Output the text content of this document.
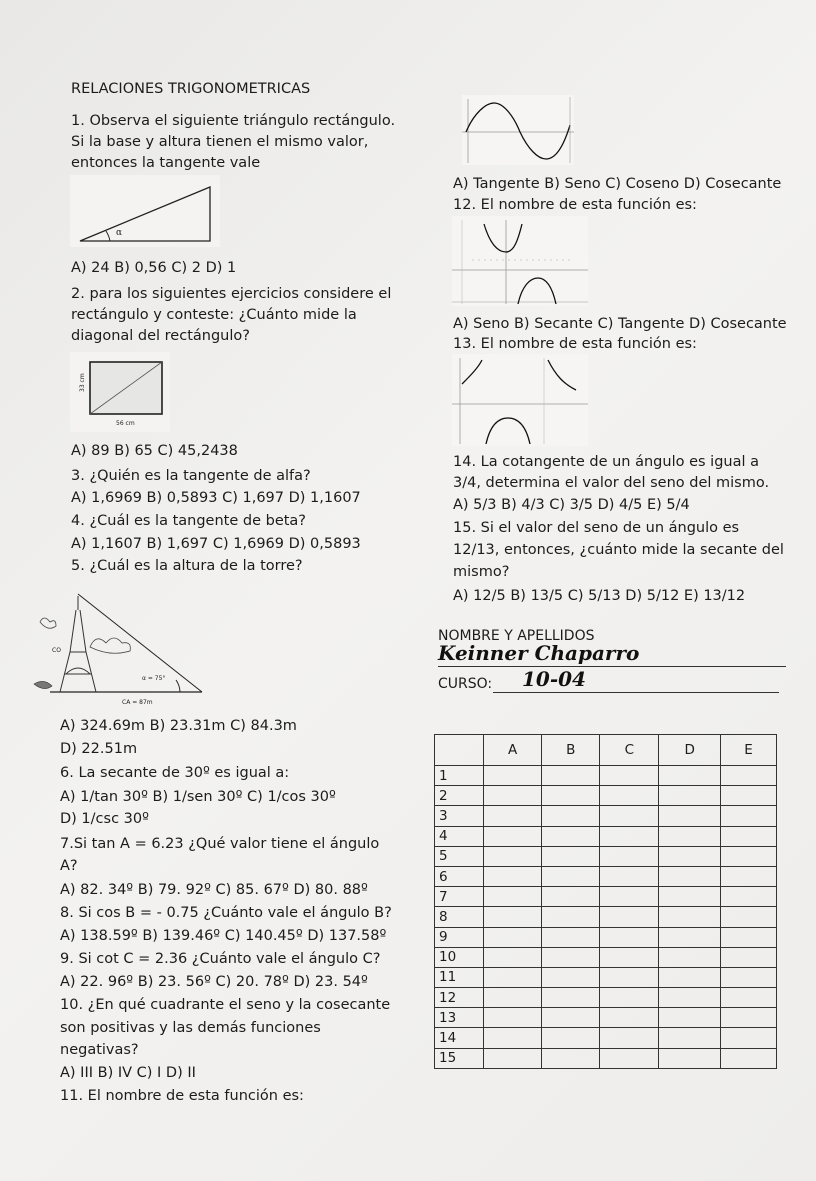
RELACIONES TRIGONOMETRICAS
1. Observa el siguiente triángulo rectángulo.
Si la base y altura tienen el mismo valor,
entonces la tangente vale
α
A) 24 B) 0,56 C) 2 D) 1
2. para los siguientes ejercicios considere el
rectángulo y conteste: ¿Cuánto mide la
diagonal del rectángulo?
33 cm
56 cm
A) 89 B) 65 C) 45,2438
3. ¿Quién es la tangente de alfa?
A) 1,6969 B) 0,5893 C) 1,697 D) 1,1607
4. ¿Cuál es la tangente de beta?
A) 1,1607 B) 1,697 C) 1,6969 D) 0,5893
5. ¿Cuál es la altura de la torre?
CO
α = 75°
CA = 87m
A) 324.69m B) 23.31m C) 84.3m
D) 22.51m
6. La secante de 30º es igual a:
A) 1/tan 30º B) 1/sen 30º C) 1/cos 30º
D) 1/csc 30º
7.Si tan A = 6.23 ¿Qué valor tiene el ángulo
A?
A) 82. 34º B) 79. 92º C) 85. 67º D) 80. 88º
8. Si cos B = - 0.75 ¿Cuánto vale el ángulo B?
A) 138.59º B) 139.46º C) 140.45º D) 137.58º
9. Si cot C = 2.36 ¿Cuánto vale el ángulo C?
A) 22. 96º B) 23. 56º C) 20. 78º D) 23. 54º
10. ¿En qué cuadrante el seno y la cosecante
son positivas y las demás funciones
negativas?
A) III B) IV C) I D) II
11. El nombre de esta función es:
A) Tangente B) Seno C) Coseno D) Cosecante
12. El nombre de esta función es:
A) Seno B) Secante C) Tangente D) Cosecante
13. El nombre de esta función es:
14. La cotangente de un ángulo es igual a
3/4, determina el valor del seno del mismo.
A) 5/3 B) 4/3 C) 3/5 D) 4/5 E) 5/4
15. Si el valor del seno de un ángulo es
12/13, entonces, ¿cuánto mide la secante del
mismo?
A) 12/5 B) 13/5 C) 5/13 D) 5/12 E) 13/12
NOMBRE Y APELLIDOS
Keinner Chaparro
CURSO: 10-04
	A	B	C	D	E
1					
2					
3					
4					
5					
6					
7					
8					
9					
10					
11					
12					
13					
14					
15					
